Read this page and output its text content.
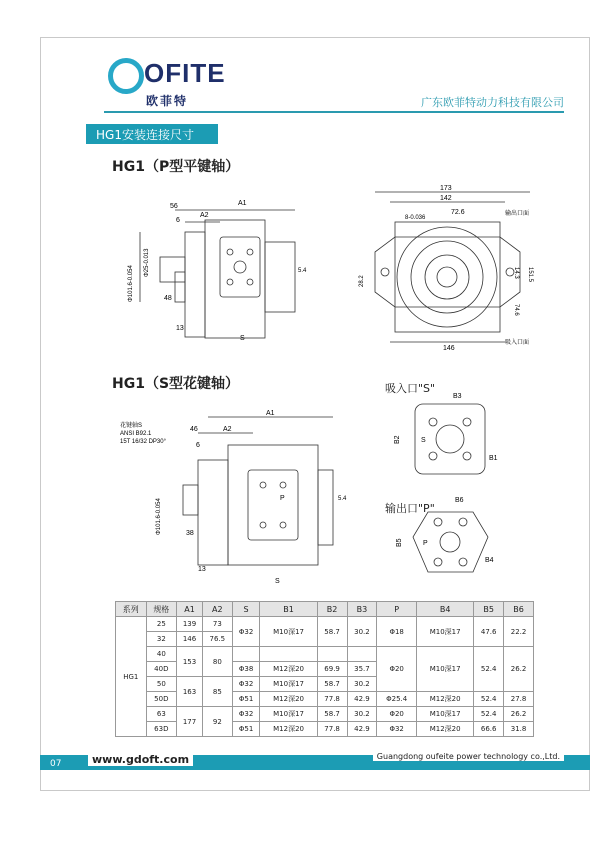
OFITE
欧菲特	广东欧菲特动力科技有限公司
HG1安装连接尺寸
HG1（P型平键轴）
HG1（S型花键轴）
A1
A2
56
6
48
13
S
5.4
Φ101.6-0.054
Φ25-0.013
173
142
72.6
8-0.036
输出口面
146
吸入口面
28.2
14.3 151.5
74.6
A1
A2
46
6
38
13
S
P	5.4
花键轴S
ANSI B92.1
15T 16/32 DP30°
Φ101.6-0.054
吸入口"S"
B3
B2	S
B1
输出口"P"
B6
B5	P
B4
系列	规格	A1	A2	S	B1	B2	B3	P	B4	B5	B6
HG1	25	139	73	Φ32	M10深17	58.7	30.2	Φ18	M10深17	47.6	22.2
	32	146	76.5								
	40	153	80					Φ20	M10深17	52.4	26.2
	40D			Φ38	M12深20	69.9	35.7				
	50	163	85	Φ32	M10深17	58.7	30.2				
	50D			Φ51	M12深20	77.8	42.9	Φ25.4	M12深20	52.4	27.8
	63	177	92	Φ32	M10深17	58.7	30.2	Φ20	M10深17	52.4	26.2
	63D			Φ51	M12深20	77.8	42.9	Φ32	M12深20	66.6	31.8
07	www.gdoft.com	Guangdong oufeite power technology co.,Ltd.
